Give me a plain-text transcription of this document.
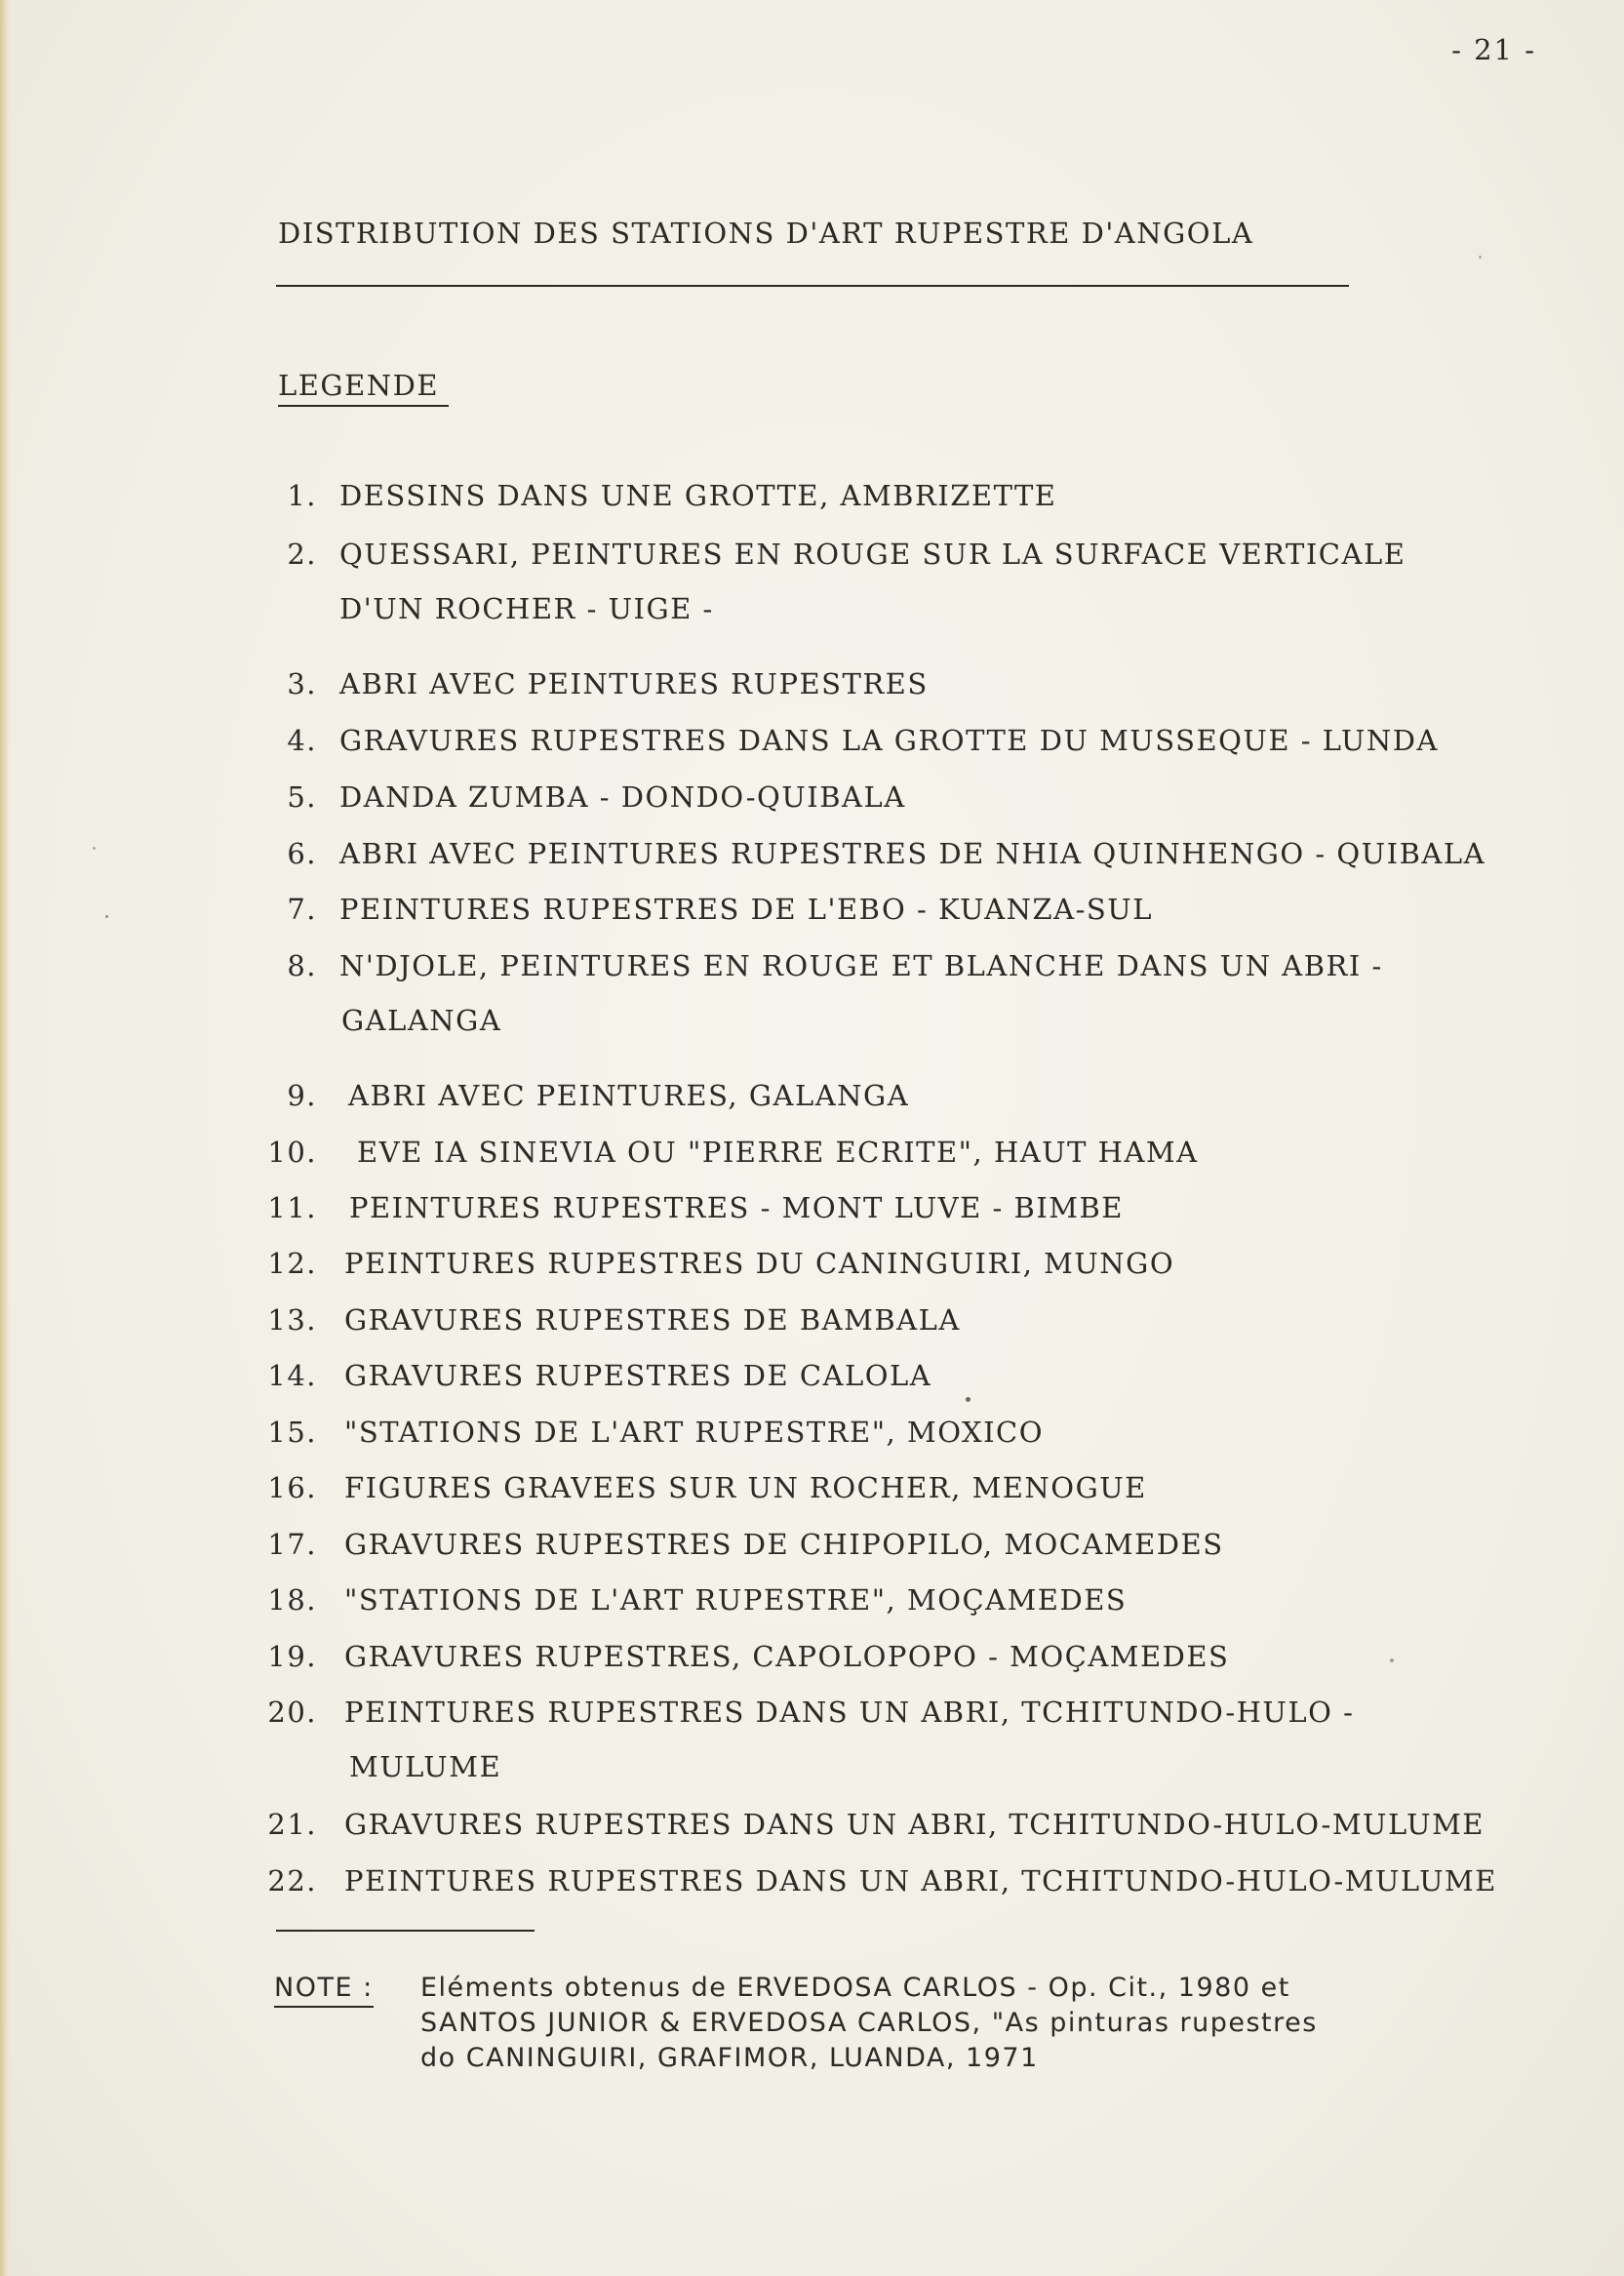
- 21 -
DISTRIBUTION DES STATIONS D'ART RUPESTRE D'ANGOLA
LEGENDE
1. DESSINS DANS UNE GROTTE, AMBRIZETTE
2. QUESSARI, PEINTURES EN ROUGE SUR LA SURFACE VERTICALE
D'UN ROCHER - UIGE -
3. ABRI AVEC PEINTURES RUPESTRES
4. GRAVURES RUPESTRES DANS LA GROTTE DU MUSSEQUE - LUNDA
5. DANDA ZUMBA - DONDO-QUIBALA
6. ABRI AVEC PEINTURES RUPESTRES DE NHIA QUINHENGO - QUIBALA
7. PEINTURES RUPESTRES DE L'EBO - KUANZA-SUL
8. N'DJOLE, PEINTURES EN ROUGE ET BLANCHE DANS UN ABRI -
GALANGA
9. ABRI AVEC PEINTURES, GALANGA
10. EVE IA SINEVIA OU "PIERRE ECRITE", HAUT HAMA
11. PEINTURES RUPESTRES - MONT LUVE - BIMBE
12. PEINTURES RUPESTRES DU CANINGUIRI, MUNGO
13. GRAVURES RUPESTRES DE BAMBALA
14. GRAVURES RUPESTRES DE CALOLA
15. "STATIONS DE L'ART RUPESTRE", MOXICO
16. FIGURES GRAVEES SUR UN ROCHER, MENOGUE
17. GRAVURES RUPESTRES DE CHIPOPILO, MOCAMEDES
18. "STATIONS DE L'ART RUPESTRE", MOÇAMEDES
19. GRAVURES RUPESTRES, CAPOLOPOPO - MOÇAMEDES
20. PEINTURES RUPESTRES DANS UN ABRI, TCHITUNDO-HULO -
MULUME
21. GRAVURES RUPESTRES DANS UN ABRI, TCHITUNDO-HULO-MULUME
22. PEINTURES RUPESTRES DANS UN ABRI, TCHITUNDO-HULO-MULUME
NOTE : Eléments obtenus de ERVEDOSA CARLOS - Op. Cit., 1980 et
SANTOS JUNIOR & ERVEDOSA CARLOS, "As pinturas rupestres
do CANINGUIRI, GRAFIMOR, LUANDA, 1971
